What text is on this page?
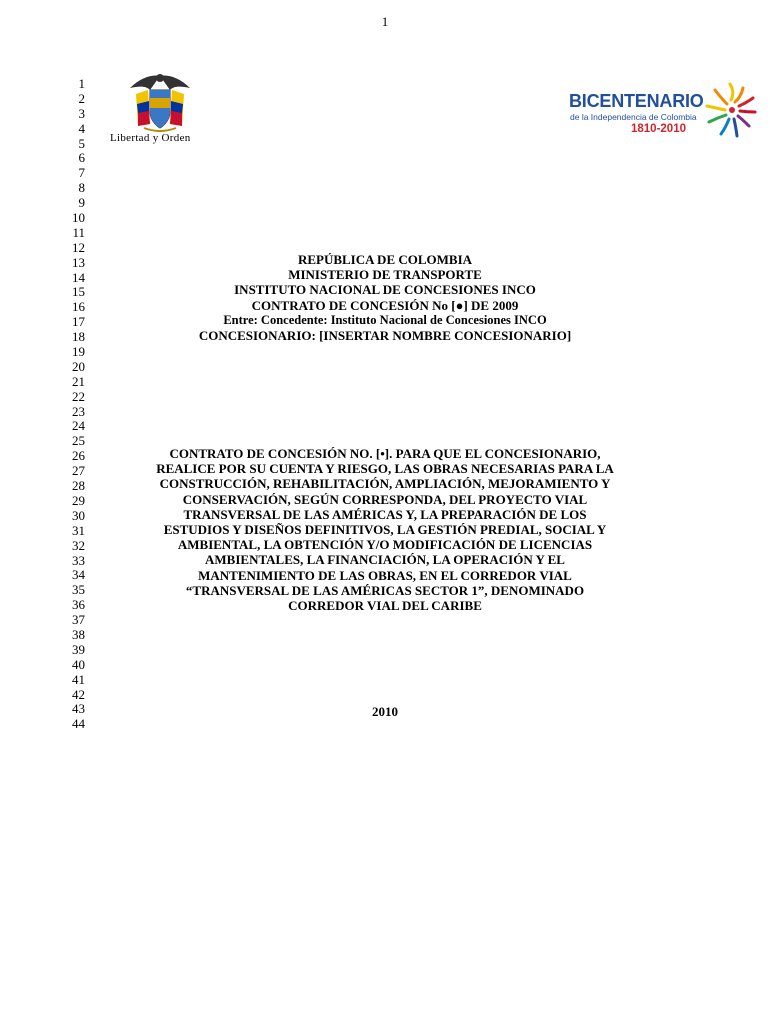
1
1
2
3
4
5
6
7
8
9
10
11
12
13
14
15
16
17
18
19
20
21
22
23
24
25
26
27
28
29
30
31
32
33
34
35
36
37
38
39
40
41
42
43
44
Libertad y Orden
BICENTENARIO
de la Independencia de Colombia
1810-2010
REPÚBLICA DE COLOMBIA
MINISTERIO DE TRANSPORTE
INSTITUTO NACIONAL DE CONCESIONES INCO
CONTRATO DE CONCESIÓN No [●] DE 2009
Entre: Concedente: Instituto Nacional de Concesiones INCO
CONCESIONARIO: [INSERTAR NOMBRE CONCESIONARIO]
CONTRATO DE CONCESIÓN NO. [•]. PARA QUE EL CONCESIONARIO,
REALICE POR SU CUENTA Y RIESGO, LAS OBRAS NECESARIAS PARA LA
CONSTRUCCIÓN, REHABILITACIÓN, AMPLIACIÓN, MEJORAMIENTO Y
CONSERVACIÓN, SEGÚN CORRESPONDA, DEL PROYECTO VIAL
TRANSVERSAL DE LAS AMÉRICAS Y, LA PREPARACIÓN DE LOS
ESTUDIOS Y DISEÑOS DEFINITIVOS, LA GESTIÓN PREDIAL, SOCIAL Y
AMBIENTAL, LA OBTENCIÓN Y/O MODIFICACIÓN DE LICENCIAS
AMBIENTALES, LA FINANCIACIÓN, LA OPERACIÓN Y EL
MANTENIMIENTO DE LAS OBRAS, EN EL CORREDOR VIAL
“TRANSVERSAL DE LAS AMÉRICAS SECTOR 1”, DENOMINADO
CORREDOR VIAL DEL CARIBE
2010
